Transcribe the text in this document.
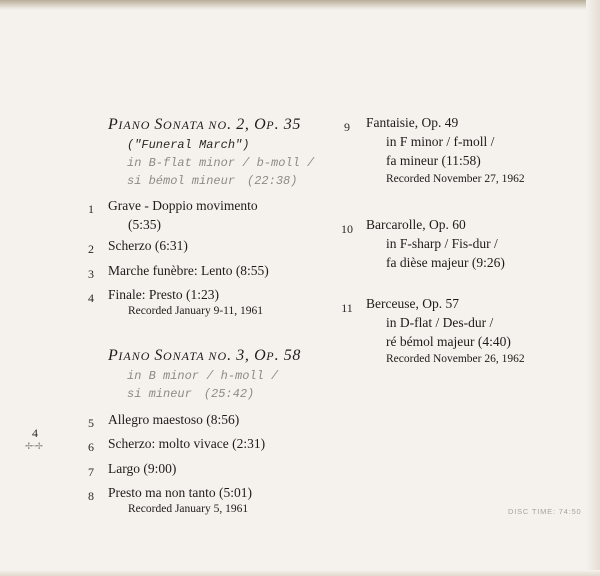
PIANO SONATA NO. 2, OP. 35
("Funeral March")
in B-flat minor / b-moll /
si bémol mineur (22:38)
1	Grave - Doppio movimento
(5:35)
2	Scherzo (6:31)
3	Marche funèbre: Lento (8:55)
4	Finale: Presto (1:23)
Recorded January 9-11, 1961
PIANO SONATA NO. 3, OP. 58
in B minor / h-moll /
si mineur (25:42)
5	Allegro maestoso (8:56)
6	Scherzo: molto vivace (2:31)
7	Largo (9:00)
8	Presto ma non tanto (5:01)
Recorded January 5, 1961
9	Fantaisie, Op. 49
in F minor / f-moll /
fa mineur (11:58)
Recorded November 27, 1962
10 Barcarolle, Op. 60
in F-sharp / Fis-dur /
fa dièse majeur (9:26)
11 Berceuse, Op. 57
in D-flat / Des-dur /
ré bémol majeur (4:40)
Recorded November 26, 1962
4
✢~✢
DISC TIME: 74:50
